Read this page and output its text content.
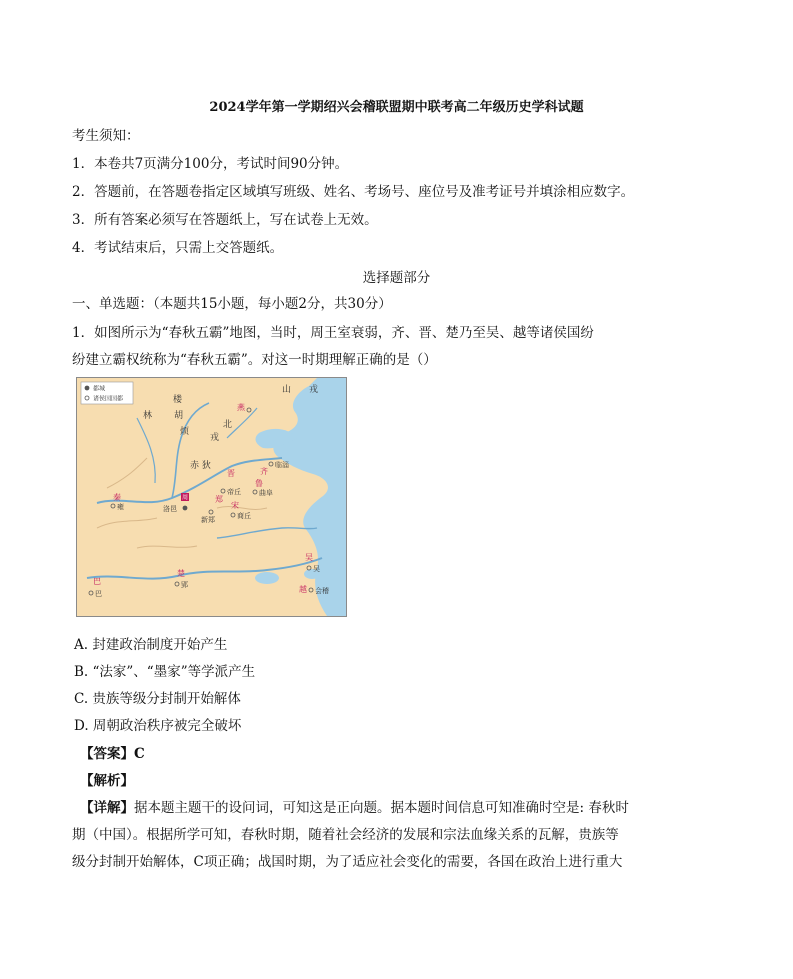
2024学年第一学期绍兴会稽联盟期中联考高二年级历史学科试题
考生须知：
1．本卷共7页满分100分，考试时间90分钟。
2．答题前，在答题卷指定区域填写班级、姓名、考场号、座位号及准考证号并填涂相应数字。
3．所有答案必须写在答题纸上，写在试卷上无效。
4．考试结束后，只需上交答题纸。
选择题部分
一、单选题：（本题共15小题，每小题2分，共30分）
1．如图所示为“春秋五霸”地图，当时，周王室衰弱，齐、晋、楚乃至吴、越等诸侯国纷
纷建立霸权统称为“春秋五霸”。对这一时期理解正确的是（）
都城
诸侯国国都
山 戎
楼
林 胡
烦
北
戎
燕
赤 狄	临淄
晋	齐
鲁
曲阜
秦
雍
周
洛邑
郑
新郑
宋
商丘
帝丘
巴
巴
楚
郢
吴
吴
越 会稽
A. 封建政治制度开始产生
B. “法家”、“墨家”等学派产生
C. 贵族等级分封制开始解体
D. 周朝政治秩序被完全破坏
【答案】C
【解析】
【详解】据本题主题干的设问词，可知这是正向题。据本题时间信息可知准确时空是: 春秋时
期（中国）。根据所学可知，春秋时期，随着社会经济的发展和宗法血缘关系的瓦解，贵族等
级分封制开始解体，C项正确；战国时期，为了适应社会变化的需要，各国在政治上进行重大
